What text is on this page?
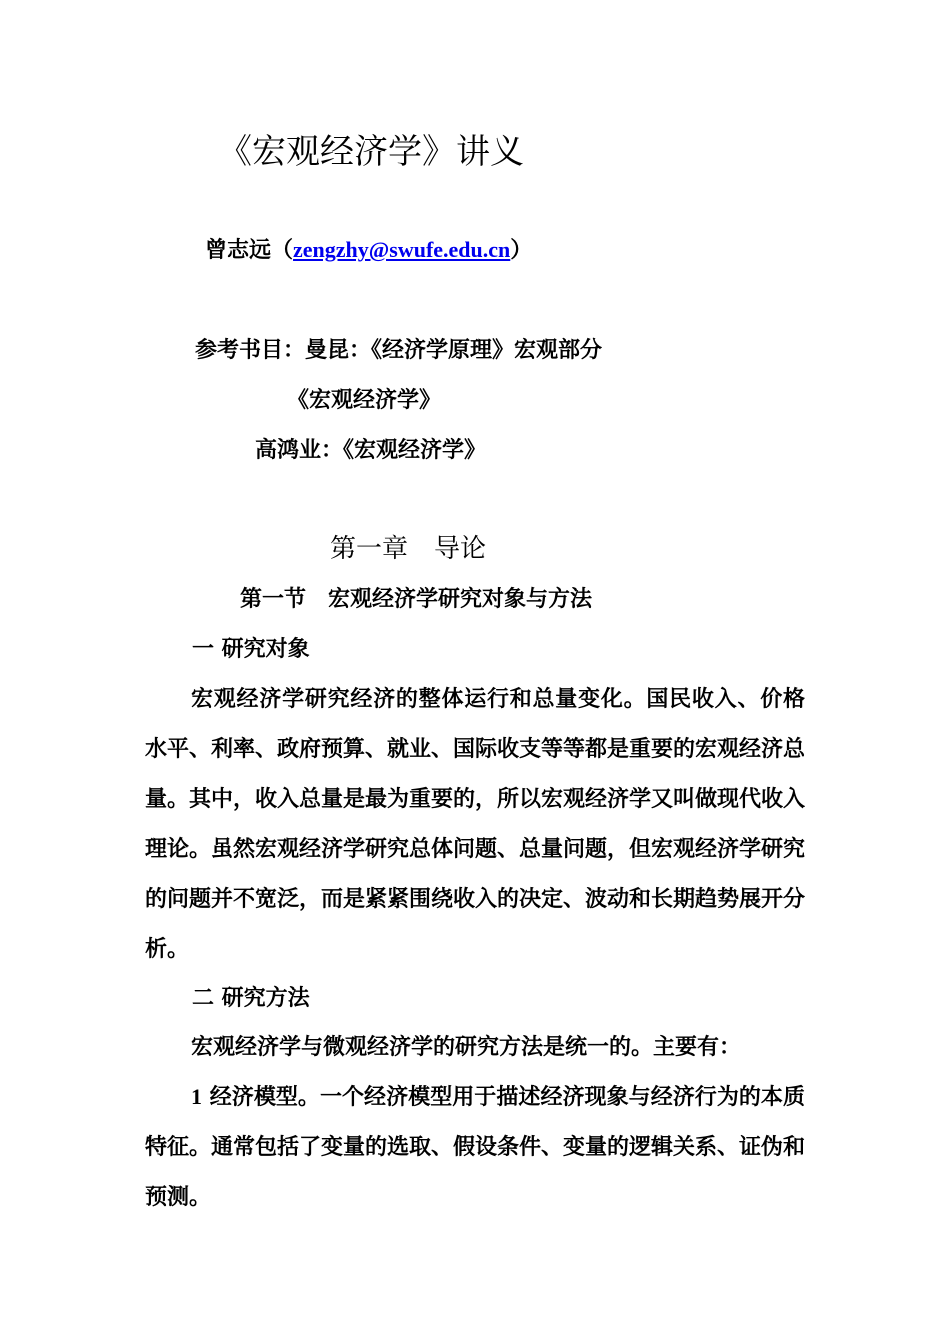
《宏观经济学》讲义
曾志远（zengzhy@swufe.edu.cn）
参考书目：曼昆：《经济学原理》宏观部分
《宏观经济学》
高鸿业：《宏观经济学》
第一章　导论
第一节　宏观经济学研究对象与方法
一 研究对象
宏观经济学研究经济的整体运行和总量变化。国民收入、价格水平、利率、政府预算、就业、国际收支等等都是重要的宏观经济总量。其中，收入总量是最为重要的，所以宏观经济学又叫做现代收入理论。虽然宏观经济学研究总体问题、总量问题，但宏观经济学研究的问题并不宽泛，而是紧紧围绕收入的决定、波动和长期趋势展开分析。
二 研究方法
宏观经济学与微观经济学的研究方法是统一的。主要有：
1 经济模型。一个经济模型用于描述经济现象与经济行为的本质特征。通常包括了变量的选取、假设条件、变量的逻辑关系、证伪和预测。
